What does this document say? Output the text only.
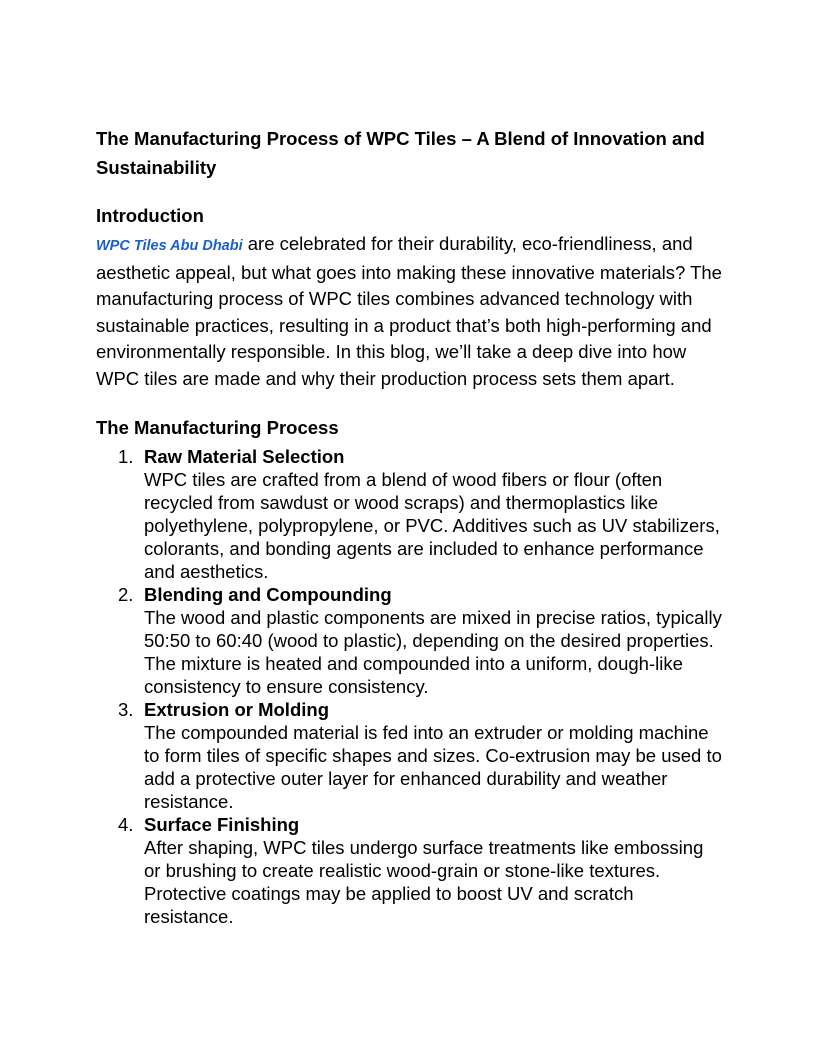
The Manufacturing Process of WPC Tiles – A Blend of Innovation and Sustainability
Introduction

WPC Tiles Abu Dhabi are celebrated for their durability, eco-friendliness, and aesthetic appeal, but what goes into making these innovative materials? The manufacturing process of WPC tiles combines advanced technology with sustainable practices, resulting in a product that’s both high-performing and environmentally responsible. In this blog, we’ll take a deep dive into how WPC tiles are made and why their production process sets them apart.

The Manufacturing Process
1. Raw Material Selection
WPC tiles are crafted from a blend of wood fibers or flour (often recycled from sawdust or wood scraps) and thermoplastics like polyethylene, polypropylene, or PVC. Additives such as UV stabilizers, colorants, and bonding agents are included to enhance performance and aesthetics.
2. Blending and Compounding
The wood and plastic components are mixed in precise ratios, typically 50:50 to 60:40 (wood to plastic), depending on the desired properties. The mixture is heated and compounded into a uniform, dough-like consistency to ensure consistency.
3. Extrusion or Molding
The compounded material is fed into an extruder or molding machine to form tiles of specific shapes and sizes. Co-extrusion may be used to add a protective outer layer for enhanced durability and weather resistance.
4. Surface Finishing
After shaping, WPC tiles undergo surface treatments like embossing or brushing to create realistic wood-grain or stone-like textures. Protective coatings may be applied to boost UV and scratch resistance.
